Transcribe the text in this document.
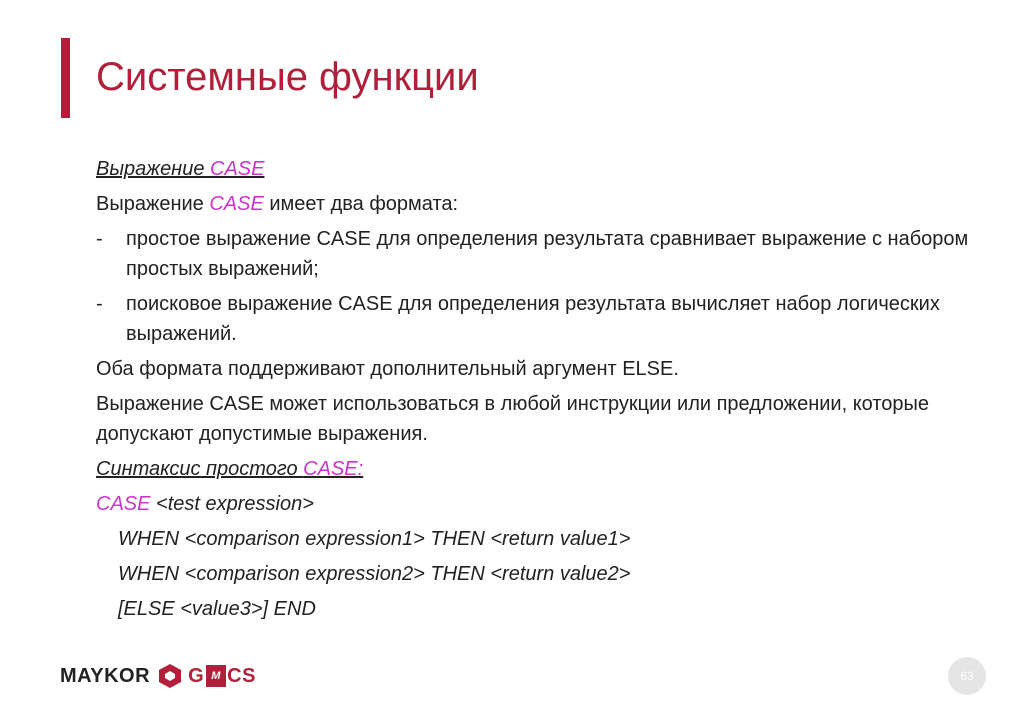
Системные функции

Выражение CASE

Выражение CASE имеет два формата:

- простое выражение CASE для определения результата сравнивает выражение с набором простых выражений;
- поисковое выражение CASE для определения результата вычисляет набор логических выражений.

Оба формата поддерживают дополнительный аргумент ELSE.

Выражение CASE может использоваться в любой инструкции или предложении, которые допускают допустимые выражения.

Синтаксис простого CASE:

CASE <test expression>

WHEN <comparison expression1> THEN <return value1>

WHEN <comparison expression2> THEN <return value2>

[ELSE <value3>] END

MAYKOR G M CS	63
